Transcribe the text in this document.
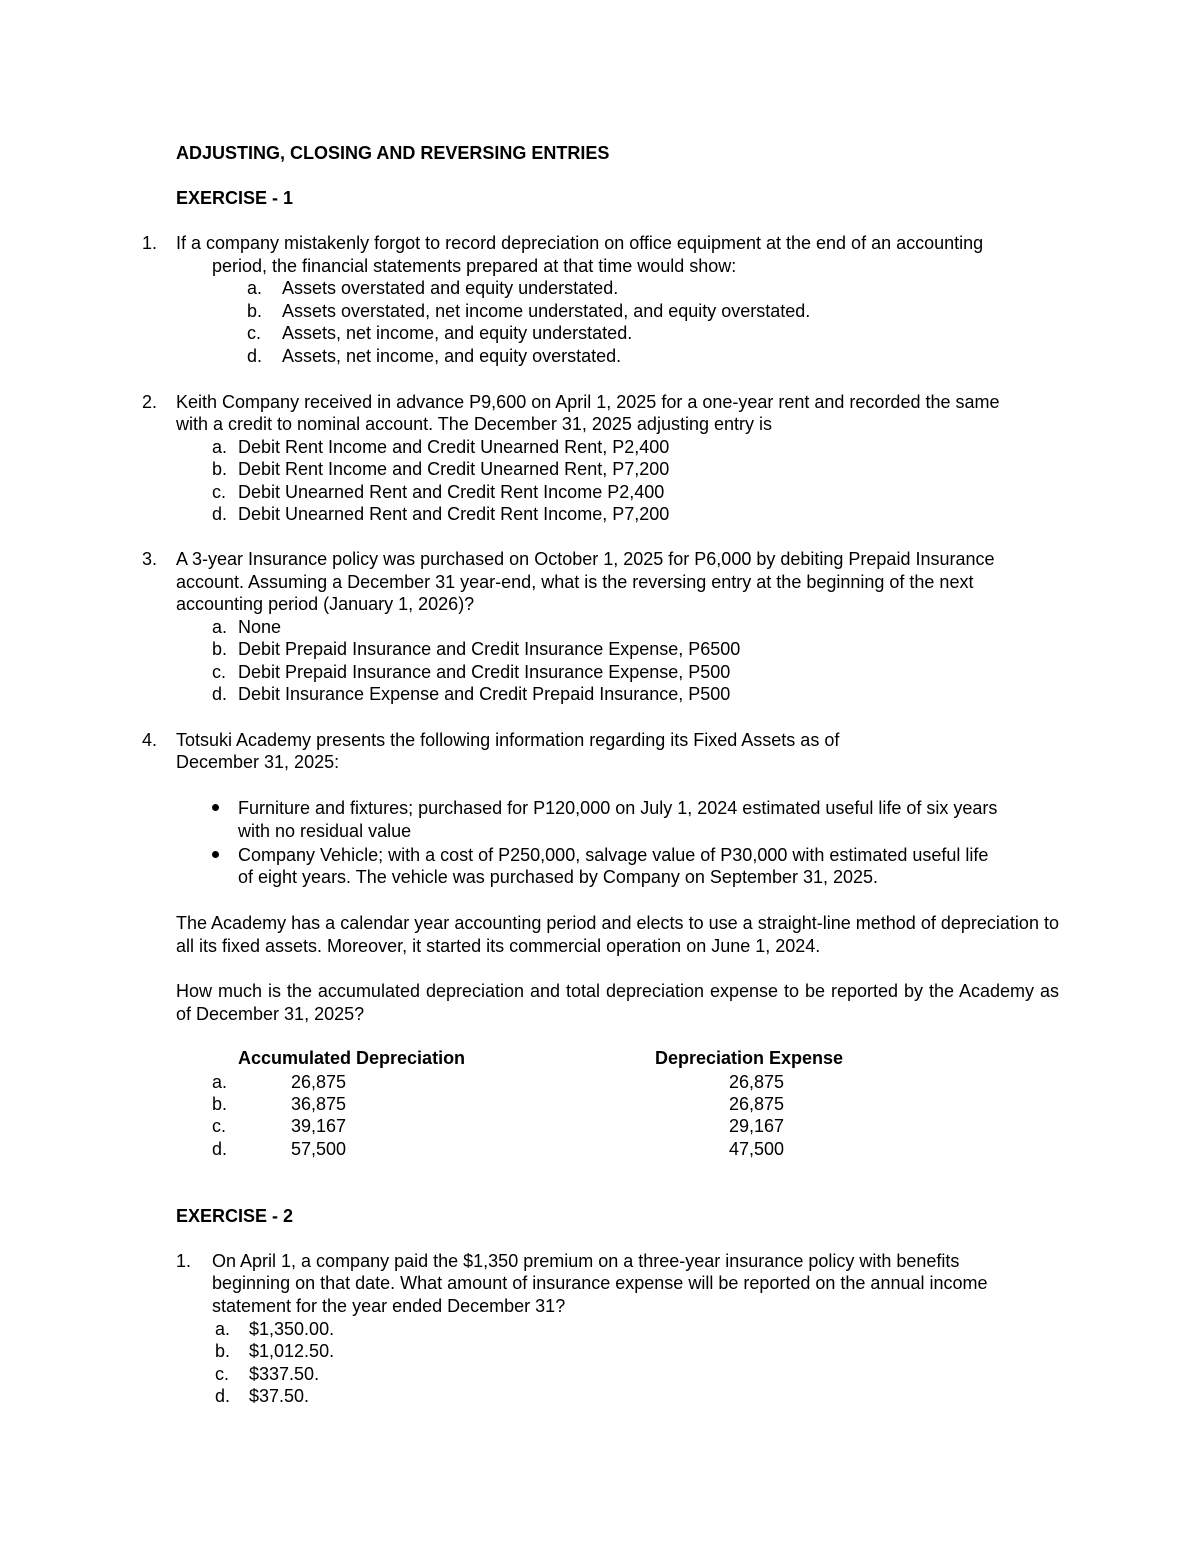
ADJUSTING, CLOSING AND REVERSING ENTRIES
EXERCISE - 1
1.	If a company mistakenly forgot to record depreciation on office equipment at the end of an accounting
period, the financial statements prepared at that time would show:
a. Assets overstated and equity understated.
b. Assets overstated, net income understated, and equity overstated.
c. Assets, net income, and equity understated.
d. Assets, net income, and equity overstated.
2.	Keith Company received in advance P9,600 on April 1, 2025 for a one-year rent and recorded the same
with a credit to nominal account. The December 31, 2025 adjusting entry is
a. Debit Rent Income and Credit Unearned Rent, P2,400
b. Debit Rent Income and Credit Unearned Rent, P7,200
c. Debit Unearned Rent and Credit Rent Income P2,400
d. Debit Unearned Rent and Credit Rent Income, P7,200
3.	A 3-year Insurance policy was purchased on October 1, 2025 for P6,000 by debiting Prepaid Insurance
account. Assuming a December 31 year-end, what is the reversing entry at the beginning of the next
accounting period (January 1, 2026)?
a. None
b. Debit Prepaid Insurance and Credit Insurance Expense, P6500
c. Debit Prepaid Insurance and Credit Insurance Expense, P500
d. Debit Insurance Expense and Credit Prepaid Insurance, P500
4.	Totsuki Academy presents the following information regarding its Fixed Assets as of
December 31, 2025:
Furniture and fixtures; purchased for P120,000 on July 1, 2024 estimated useful life of six years
with no residual value
Company Vehicle; with a cost of P250,000, salvage value of P30,000 with estimated useful life
of eight years. The vehicle was purchased by Company on September 31, 2025.
The Academy has a calendar year accounting period and elects to use a straight-line method of depreciation to all its fixed assets. Moreover, it started its commercial operation on June 1, 2024.
How much is the accumulated depreciation and total depreciation expense to be reported by the Academy as of December 31, 2025?
Accumulated Depreciation	Depreciation Expense
a.	26,875	26,875
b.	36,875	26,875
c.	39,167	29,167
d.	57,500	47,500
EXERCISE - 2
1.	On April 1, a company paid the $1,350 premium on a three-year insurance policy with benefits
beginning on that date. What amount of insurance expense will be reported on the annual income
statement for the year ended December 31?
a. $1,350.00.
b. $1,012.50.
c. $337.50.
d. $37.50.
